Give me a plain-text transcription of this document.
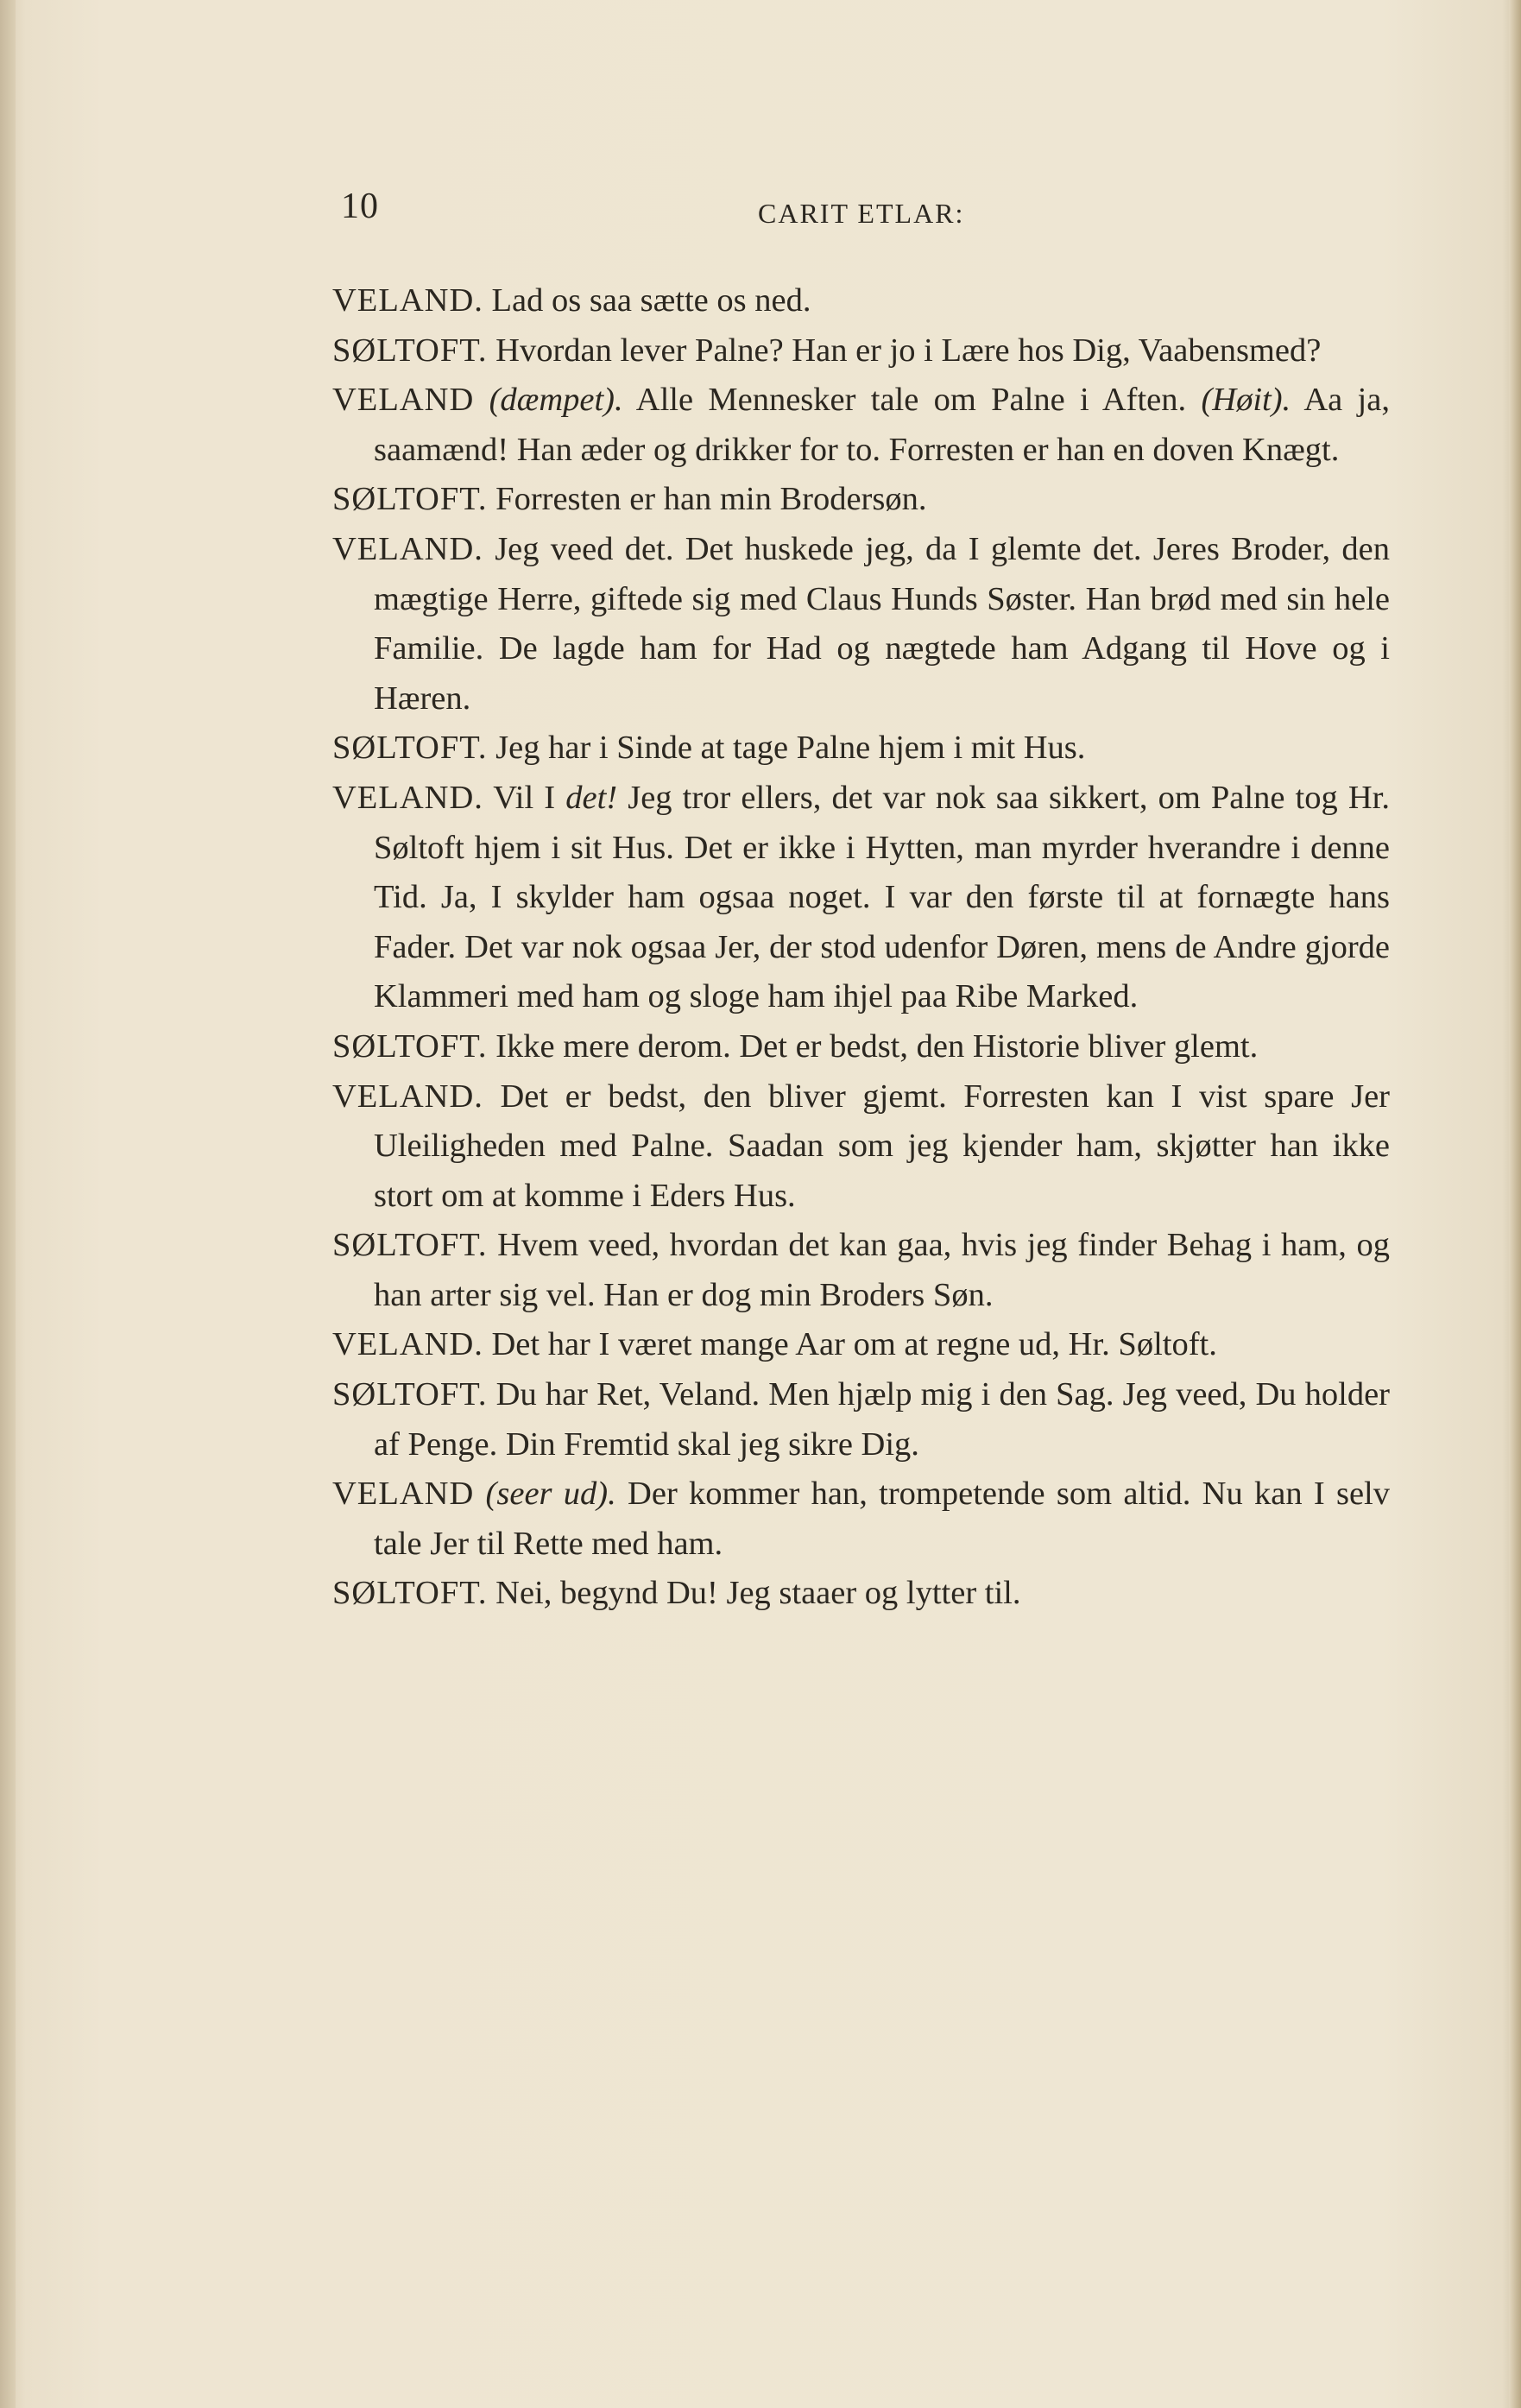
10	CARIT ETLAR:

VELAND. Lad os saa sætte os ned.

SØLTOFT. Hvordan lever Palne? Han er jo i Lære hos Dig, Vaabensmed?

VELAND (dæmpet). Alle Mennesker tale om Palne i Aften. (Høit). Aa ja, saamænd! Han æder og drikker for to. Forresten er han en doven Knægt.

SØLTOFT. Forresten er han min Brodersøn.

VELAND. Jeg veed det. Det huskede jeg, da I glemte det. Jeres Broder, den mægtige Herre, giftede sig med Claus Hunds Søster. Han brød med sin hele Familie. De lagde ham for Had og nægtede ham Adgang til Hove og i Hæren.

SØLTOFT. Jeg har i Sinde at tage Palne hjem i mit Hus.

VELAND. Vil I det! Jeg tror ellers, det var nok saa sikkert, om Palne tog Hr. Søltoft hjem i sit Hus. Det er ikke i Hytten, man myrder hverandre i denne Tid. Ja, I skylder ham ogsaa noget. I var den første til at fornægte hans Fader. Det var nok ogsaa Jer, der stod udenfor Døren, mens de Andre gjorde Klammeri med ham og sloge ham ihjel paa Ribe Marked.

SØLTOFT. Ikke mere derom. Det er bedst, den Historie bliver glemt.

VELAND. Det er bedst, den bliver gjemt. Forresten kan I vist spare Jer Uleiligheden med Palne. Saadan som jeg kjender ham, skjøtter han ikke stort om at komme i Eders Hus.

SØLTOFT. Hvem veed, hvordan det kan gaa, hvis jeg finder Behag i ham, og han arter sig vel. Han er dog min Broders Søn.

VELAND. Det har I været mange Aar om at regne ud, Hr. Søltoft.

SØLTOFT. Du har Ret, Veland. Men hjælp mig i den Sag. Jeg veed, Du holder af Penge. Din Fremtid skal jeg sikre Dig.

VELAND (seer ud). Der kommer han, trompetende som altid. Nu kan I selv tale Jer til Rette med ham.

SØLTOFT. Nei, begynd Du! Jeg staaer og lytter til.
